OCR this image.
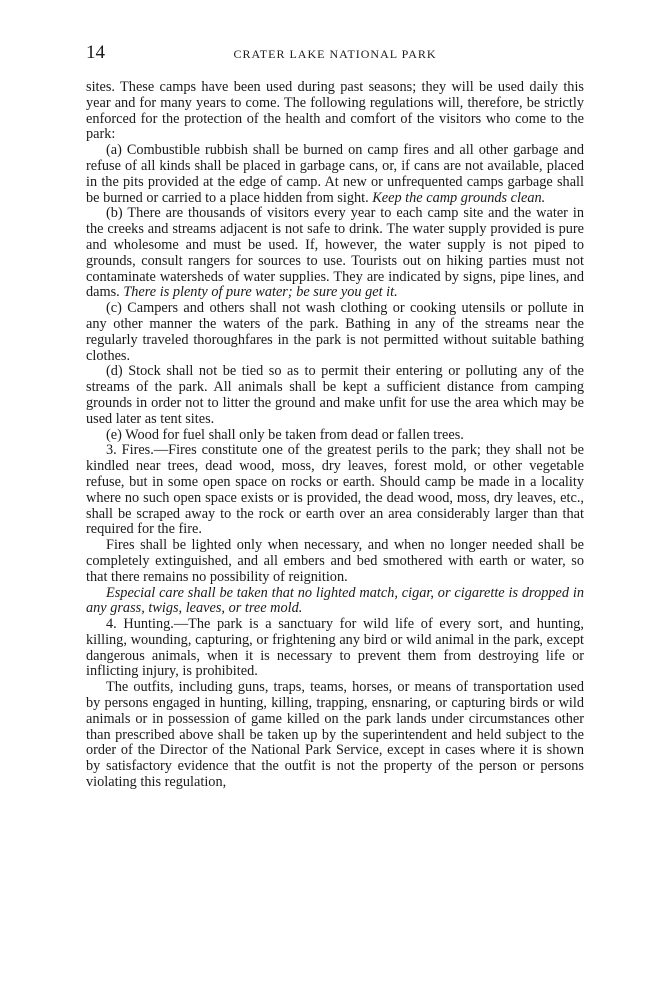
14	CRATER LAKE NATIONAL PARK

sites. These camps have been used during past seasons; they will be used daily this year and for many years to come. The following regulations will, therefore, be strictly enforced for the protection of the health and comfort of the visitors who come to the park:

(a) Combustible rubbish shall be burned on camp fires and all other garbage and refuse of all kinds shall be placed in garbage cans, or, if cans are not available, placed in the pits provided at the edge of camp. At new or unfrequented camps garbage shall be burned or carried to a place hidden from sight. Keep the camp grounds clean.

(b) There are thousands of visitors every year to each camp site and the water in the creeks and streams adjacent is not safe to drink. The water supply provided is pure and wholesome and must be used. If, however, the water supply is not piped to grounds, consult rangers for sources to use. Tourists out on hiking parties must not contaminate watersheds of water supplies. They are indicated by signs, pipe lines, and dams. There is plenty of pure water; be sure you get it.

(c) Campers and others shall not wash clothing or cooking utensils or pollute in any other manner the waters of the park. Bathing in any of the streams near the regularly traveled thoroughfares in the park is not permitted without suitable bathing clothes.

(d) Stock shall not be tied so as to permit their entering or polluting any of the streams of the park. All animals shall be kept a sufficient distance from camping grounds in order not to litter the ground and make unfit for use the area which may be used later as tent sites.

(e) Wood for fuel shall only be taken from dead or fallen trees.

3. Fires.—Fires constitute one of the greatest perils to the park; they shall not be kindled near trees, dead wood, moss, dry leaves, forest mold, or other vegetable refuse, but in some open space on rocks or earth. Should camp be made in a locality where no such open space exists or is provided, the dead wood, moss, dry leaves, etc., shall be scraped away to the rock or earth over an area considerably larger than that required for the fire.

Fires shall be lighted only when necessary, and when no longer needed shall be completely extinguished, and all embers and bed smothered with earth or water, so that there remains no possibility of reignition.

Especial care shall be taken that no lighted match, cigar, or cigarette is dropped in any grass, twigs, leaves, or tree mold.

4. Hunting.—The park is a sanctuary for wild life of every sort, and hunting, killing, wounding, capturing, or frightening any bird or wild animal in the park, except dangerous animals, when it is necessary to prevent them from destroying life or inflicting injury, is prohibited.

The outfits, including guns, traps, teams, horses, or means of transportation used by persons engaged in hunting, killing, trapping, ensnaring, or capturing birds or wild animals or in possession of game killed on the park lands under circumstances other than prescribed above shall be taken up by the superintendent and held subject to the order of the Director of the National Park Service, except in cases where it is shown by satisfactory evidence that the outfit is not the property of the person or persons violating this regulation,
